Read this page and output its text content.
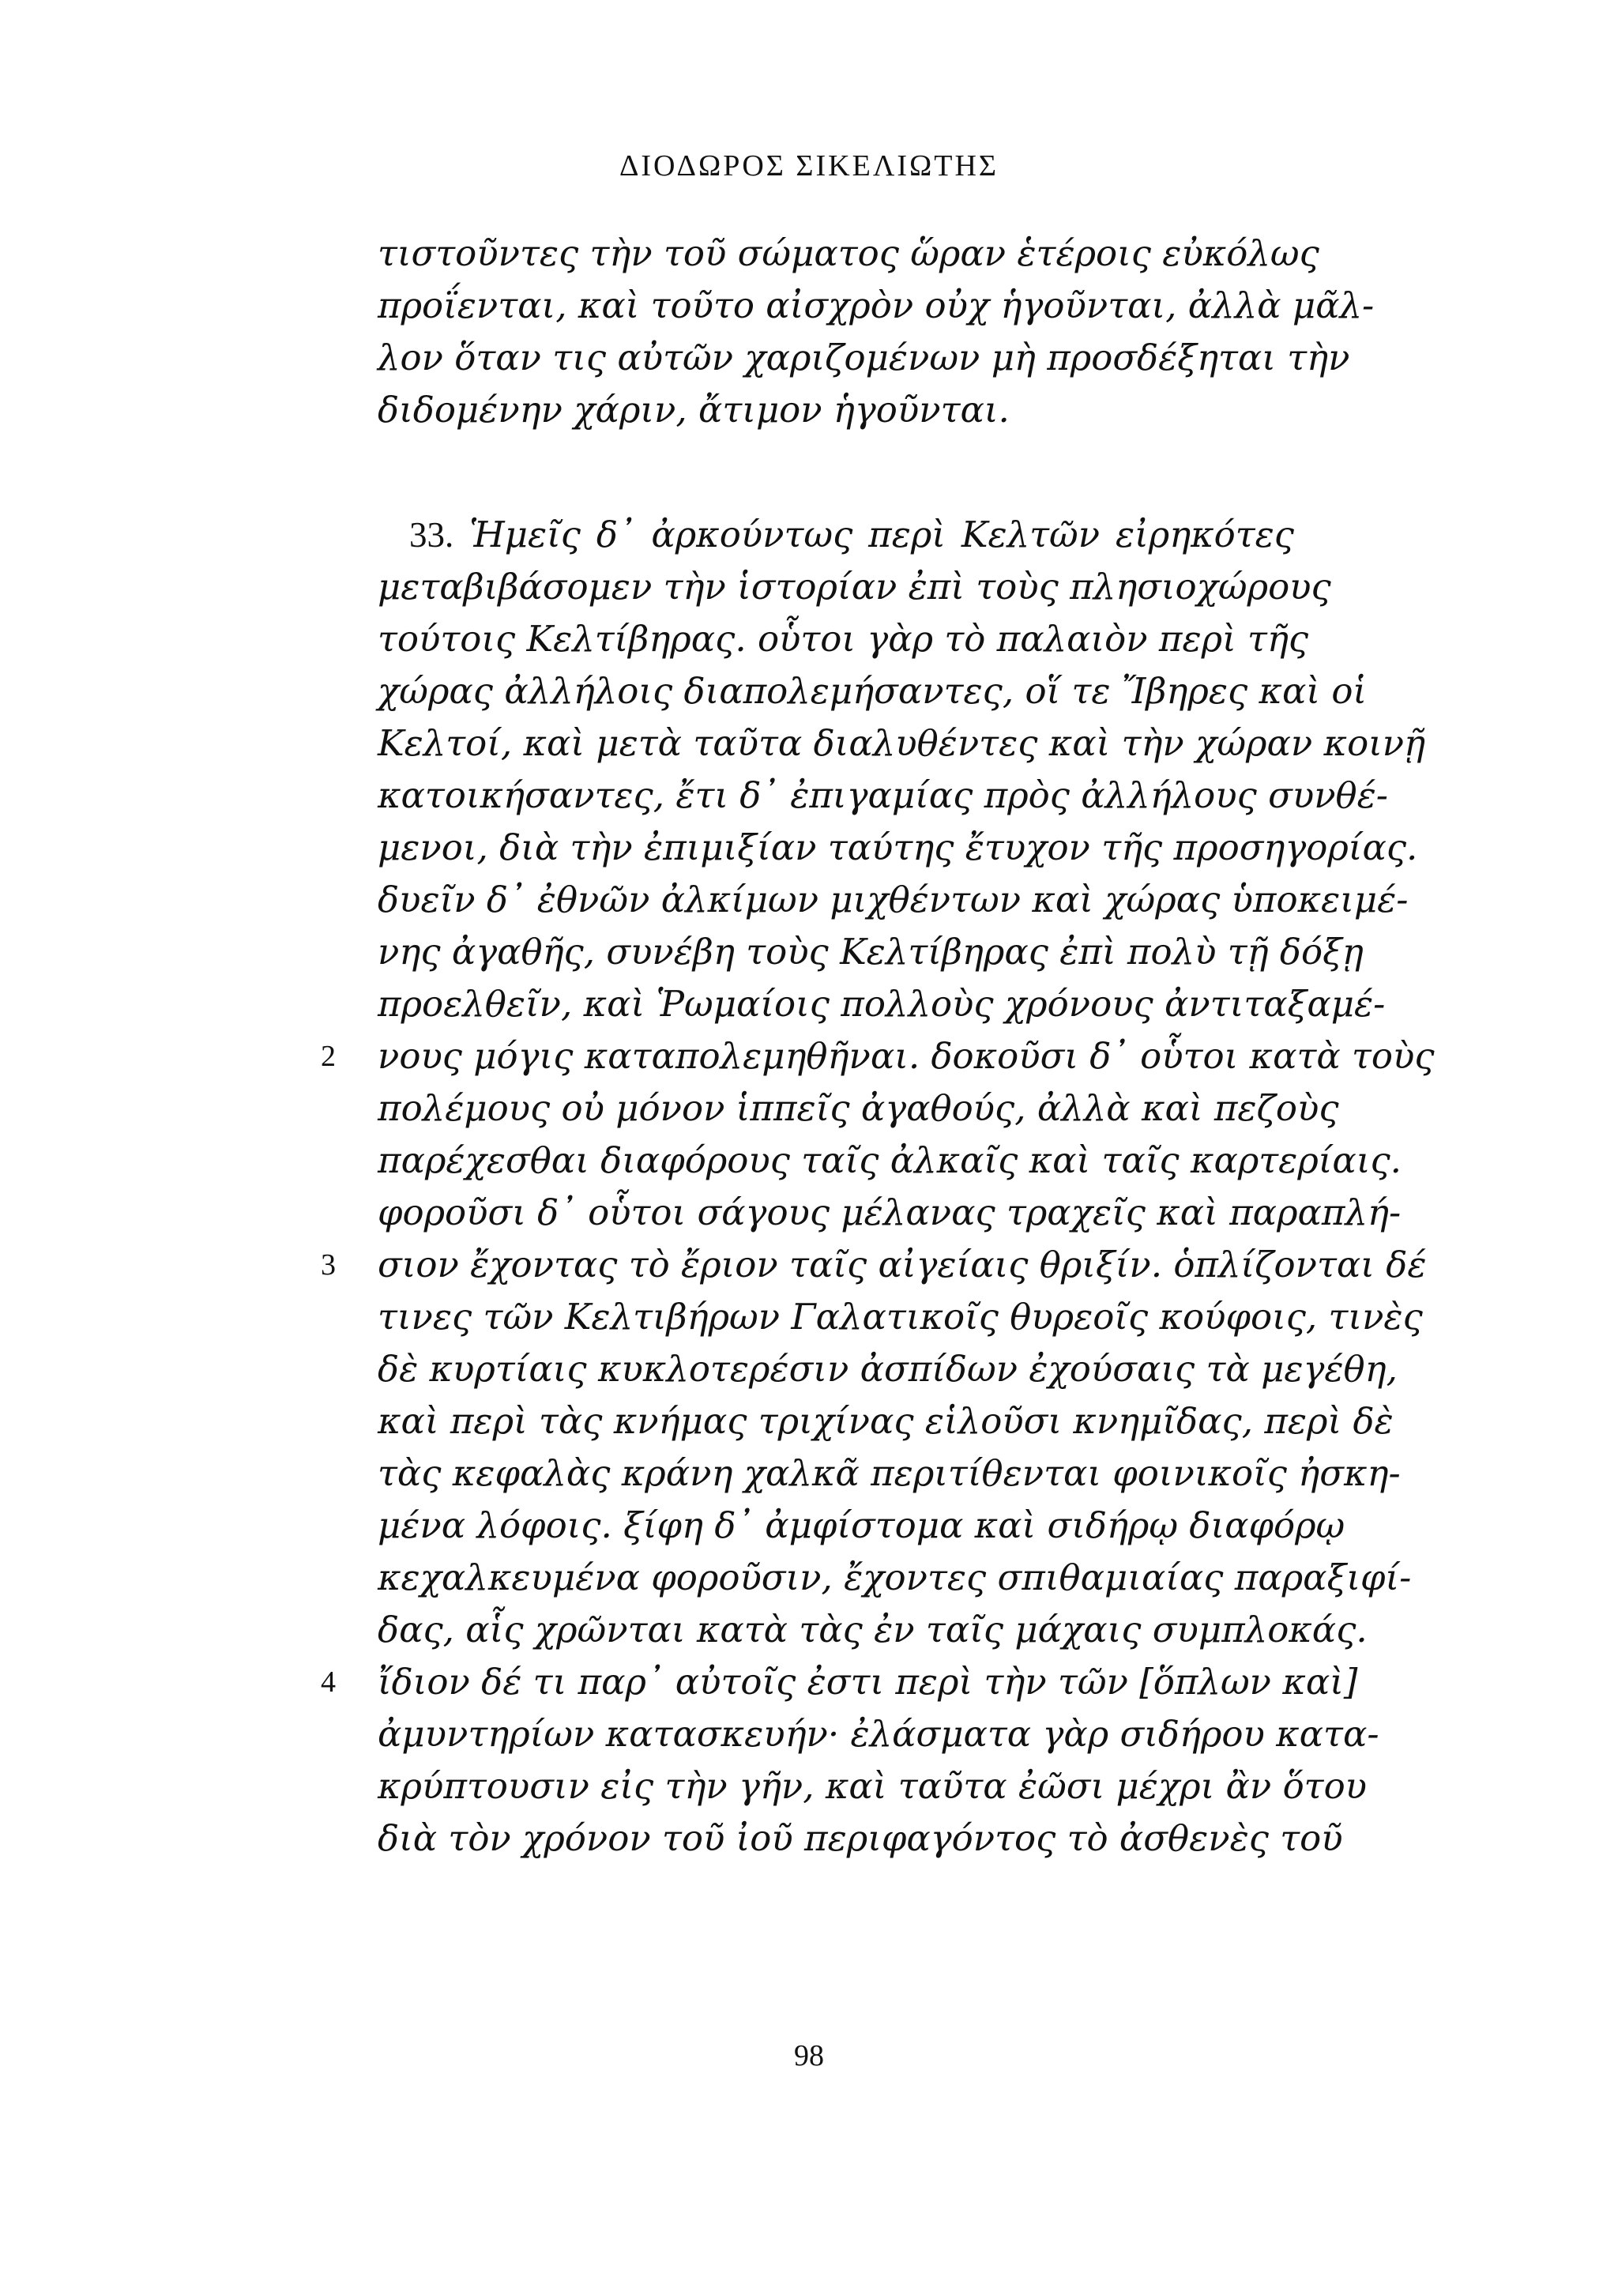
ΔΙΟΔΩΡΟΣ ΣΙΚΕΛΙΩΤΗΣ
τιστοῦντες τὴν τοῦ σώματος ὥραν ἑτέροις εὐκόλως
προΐενται, καὶ τοῦτο αἰσχρὸν οὐχ ἡγοῦνται, ἀλλὰ μᾶλ-
λον ὅταν τις αὐτῶν χαριζομένων μὴ προσδέξηται τὴν
διδομένην χάριν, ἄτιμον ἡγοῦνται.
33. Ἡμεῖς δ᾽ ἀρκούντως περὶ Κελτῶν εἰρηκότες
μεταβιβάσομεν τὴν ἱστορίαν ἐπὶ τοὺς πλησιοχώρους
τούτοις Κελτίβηρας. οὗτοι γὰρ τὸ παλαιὸν περὶ τῆς
χώρας ἀλλήλοις διαπολεμήσαντες, οἵ τε Ἴβηρες καὶ οἱ
Κελτοί, καὶ μετὰ ταῦτα διαλυθέντες καὶ τὴν χώραν κοινῇ
κατοικήσαντες, ἔτι δ᾽ ἐπιγαμίας πρὸς ἀλλήλους συνθέ-
μενοι, διὰ τὴν ἐπιμιξίαν ταύτης ἔτυχον τῆς προσηγορίας.
δυεῖν δ᾽ ἐθνῶν ἀλκίμων μιχθέντων καὶ χώρας ὑποκειμέ-
νης ἀγαθῆς, συνέβη τοὺς Κελτίβηρας ἐπὶ πολὺ τῇ δόξῃ
προελθεῖν, καὶ Ῥωμαίοις πολλοὺς χρόνους ἀντιταξαμέ-
2 νους μόγις καταπολεμηθῆναι. δοκοῦσι δ᾽ οὗτοι κατὰ τοὺς
πολέμους οὐ μόνον ἱππεῖς ἀγαθούς, ἀλλὰ καὶ πεζοὺς
παρέχεσθαι διαφόρους ταῖς ἀλκαῖς καὶ ταῖς καρτερίαις.
φοροῦσι δ᾽ οὗτοι σάγους μέλανας τραχεῖς καὶ παραπλή-
3 σιον ἔχοντας τὸ ἔριον ταῖς αἰγείαις θριξίν. ὁπλίζονται δέ
τινες τῶν Κελτιβήρων Γαλατικοῖς θυρεοῖς κούφοις, τινὲς
δὲ κυρτίαις κυκλοτερέσιν ἀσπίδων ἐχούσαις τὰ μεγέθη,
καὶ περὶ τὰς κνήμας τριχίνας εἱλοῦσι κνημῖδας, περὶ δὲ
τὰς κεφαλὰς κράνη χαλκᾶ περιτίθενται φοινικοῖς ἠσκη-
μένα λόφοις. ξίφη δ᾽ ἀμφίστομα καὶ σιδήρῳ διαφόρῳ
κεχαλκευμένα φοροῦσιν, ἔχοντες σπιθαμιαίας παραξιφί-
δας, αἷς χρῶνται κατὰ τὰς ἐν ταῖς μάχαις συμπλοκάς.
4 ἴδιον δέ τι παρ᾽ αὐτοῖς ἐστι περὶ τὴν τῶν [ὅπλων καὶ]
ἀμυντηρίων κατασκευήν· ἐλάσματα γὰρ σιδήρου κατα-
κρύπτουσιν εἰς τὴν γῆν, καὶ ταῦτα ἐῶσι μέχρι ἂν ὅτου
διὰ τὸν χρόνον τοῦ ἰοῦ περιφαγόντος τὸ ἀσθενὲς τοῦ
98
